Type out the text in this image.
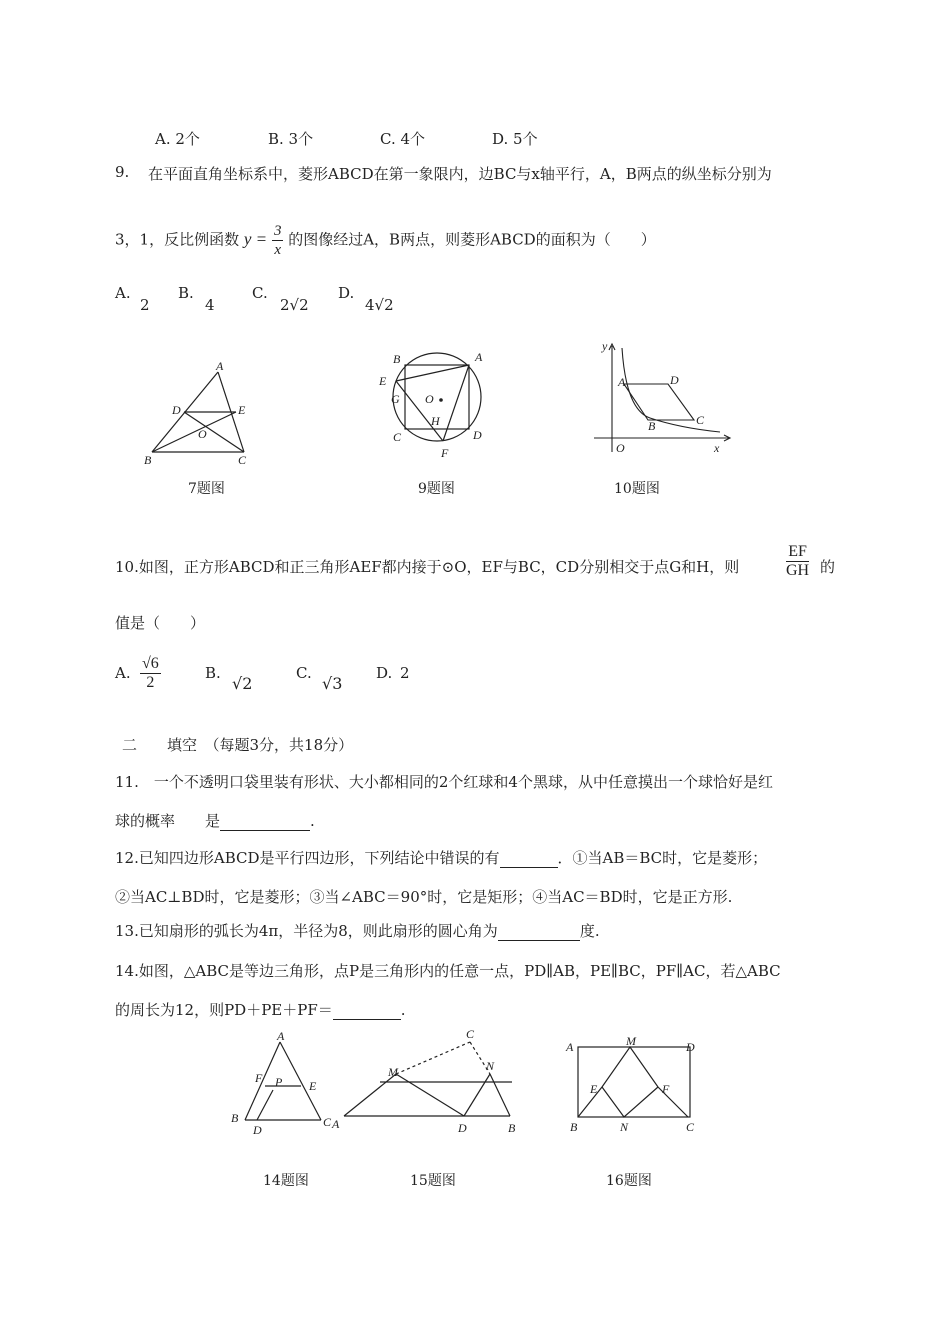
A. 2个	B. 3个	C. 4个	D. 5个
9. 在平面直角坐标系中，菱形ABCD在第一象限内，边BC与x轴平行，A，B两点的纵坐标分别为
3，1，反比例函数 $y = \frac{3}{x}$ 的图像经过A，B两点，则菱形ABCD的面积为（　　）
A.
2
B.
4
C.
2√2
D.
4√2
A
D	E
O
B	C
7题图
B	A
E
G O
H
C	D
F
9题图
y
A	D
B	C
O	x
10题图
10.如图，正方形ABCD和正三角形AEF都内接于⊙O，EF与BC，CD分别相交于点G和H，则	$\frac{EF}{GH}$ 的
值是（　　）
A. $\frac{√6}{2}$	B.
√2
C.
√3
D. 2
二　　填空　（每题3分，共18分）
11.　一个不透明口袋里装有形状、大小都相同的2个红球和4个黑球，从中任意摸出一个球恰好是红
球的概率　　是	.
12.已知四边形ABCD是平行四边形，下列结论中错误的有	．①当AB＝BC时，它是菱形；
②当AC⊥BD时，它是菱形；③当∠ABC＝90°时，它是矩形；④当AC＝BD时，它是正方形.
13.已知扇形的弧长为4π，半径为8，则此扇形的圆心角为	度.
14.如图，△ABC是等边三角形，点P是三角形内的任意一点，PD∥AB，PE∥BC，PF∥AC，若△ABC
的周长为12，则PD＋PE＋PF＝	.
A
F P E
B
D
C
14题图
C
M	N
A	D	B
15题图
A	M	D
E	F
B	N	C
16题图
